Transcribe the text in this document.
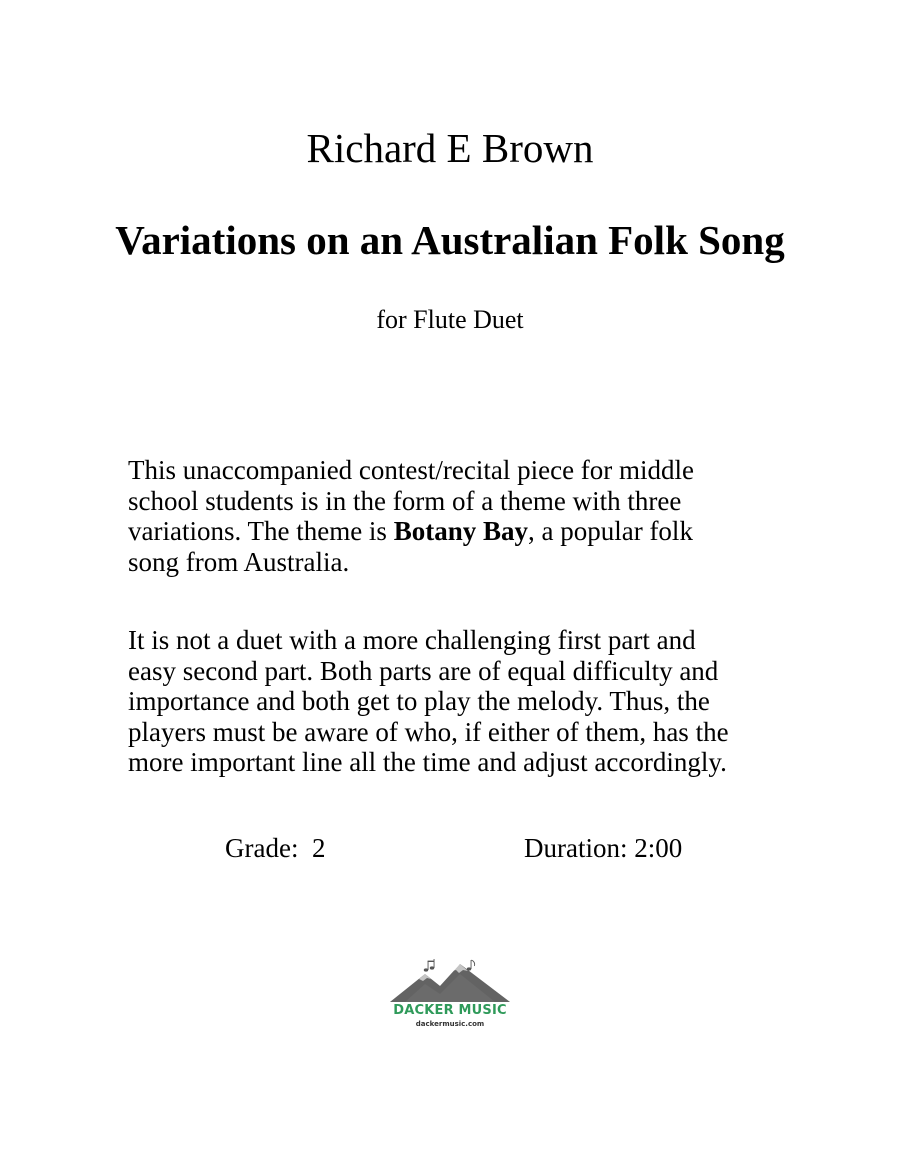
Richard E Brown
Variations on an Australian Folk Song
for Flute Duet
This unaccompanied contest/recital piece for middle
school students is in the form of a theme with three
variations. The theme is Botany Bay, a popular folk
song from Australia.
It is not a duet with a more challenging first part and
easy second part. Both parts are of equal difficulty and
importance and both get to play the melody. Thus, the
players must be aware of who, if either of them, has the
more important line all the time and adjust accordingly.
Grade:  2	Duration: 2:00
DACKER MUSIC
dackermusic.com
